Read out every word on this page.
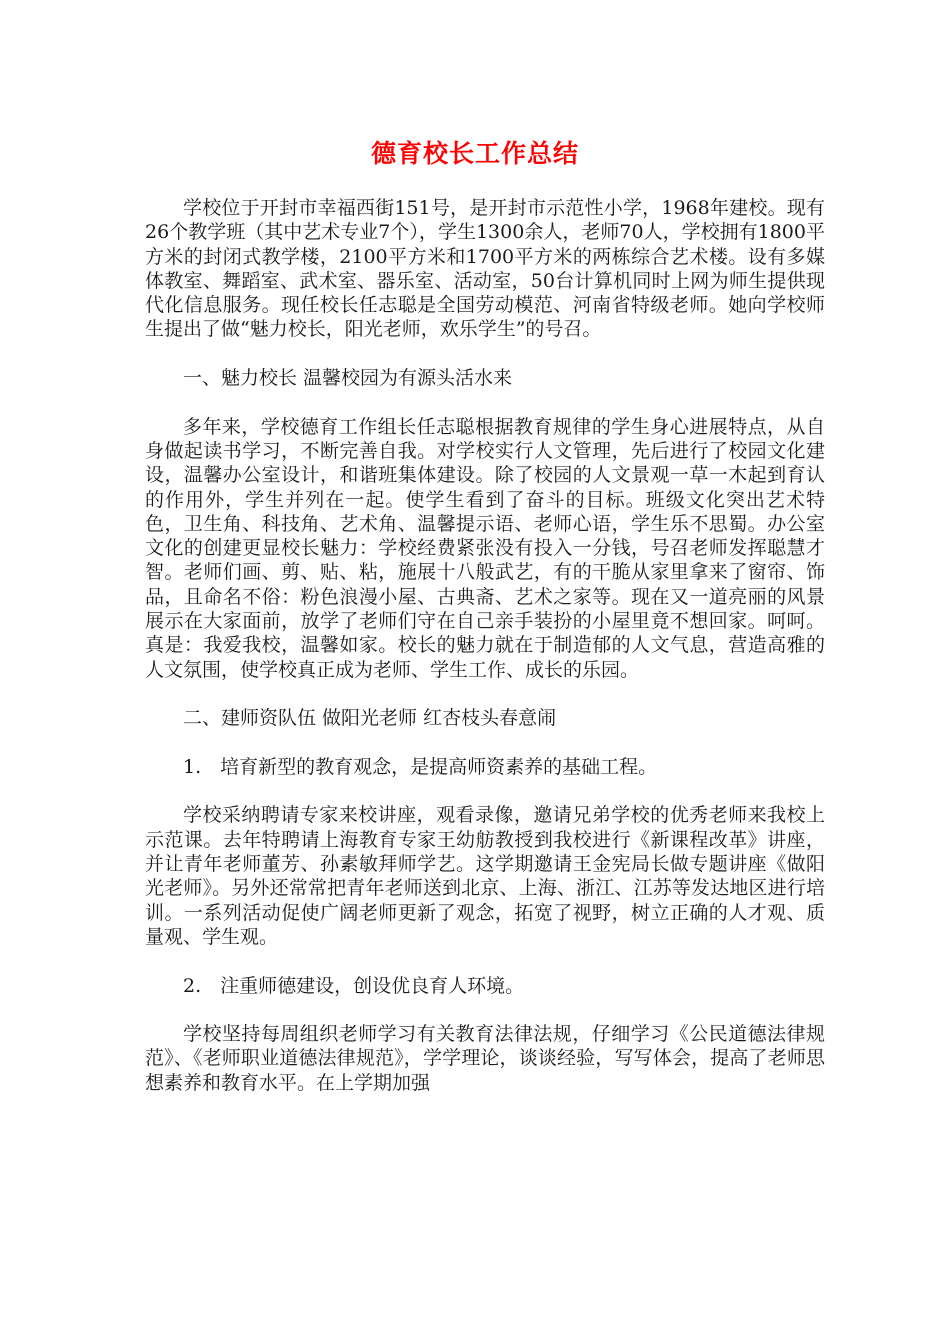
德育校长工作总结

学校位于开封市幸福西街151号，是开封市示范性小学，1968年建校。现有26个教学班（其中艺术专业7个），学生1300余人，老师70人，学校拥有1800平方米的封闭式教学楼，2100平方米和1700平方米的两栋综合艺术楼。设有多媒体教室、舞蹈室、武术室、器乐室、活动室，50台计算机同时上网为师生提供现代化信息服务。现任校长任志聪是全国劳动模范、河南省特级老师。她向学校师生提出了做“魅力校长，阳光老师，欢乐学生”的号召。

一、魅力校长 温馨校园为有源头活水来

多年来，学校德育工作组长任志聪根据教育规律的学生身心进展特点，从自身做起读书学习，不断完善自我。对学校实行人文管理，先后进行了校园文化建设，温馨办公室设计，和谐班集体建设。除了校园的人文景观一草一木起到育认的作用外，学生并列在一起。使学生看到了奋斗的目标。班级文化突出艺术特色，卫生角、科技角、艺术角、温馨提示语、老师心语，学生乐不思蜀。办公室文化的创建更显校长魅力：学校经费紧张没有投入一分钱，号召老师发挥聪慧才智。老师们画、剪、贴、粘，施展十八般武艺，有的干脆从家里拿来了窗帘、饰品，且命名不俗：粉色浪漫小屋、古典斋、艺术之家等。现在又一道亮丽的风景展示在大家面前，放学了老师们守在自己亲手装扮的小屋里竟不想回家。呵呵。真是：我爱我校，温馨如家。校长的魅力就在于制造郁的人文气息，营造高雅的人文氛围，使学校真正成为老师、学生工作、成长的乐园。

二、建师资队伍 做阳光老师 红杏枝头春意闹

1.　培育新型的教育观念，是提高师资素养的基础工程。

学校采纳聘请专家来校讲座，观看录像，邀请兄弟学校的优秀老师来我校上示范课。去年特聘请上海教育专家王幼舫教授到我校进行《新课程改革》讲座，并让青年老师董芳、孙素敏拜师学艺。这学期邀请王金宪局长做专题讲座《做阳光老师》。另外还常常把青年老师送到北京、上海、浙江、江苏等发达地区进行培训。一系列活动促使广阔老师更新了观念，拓宽了视野，树立正确的人才观、质量观、学生观。

2.　注重师德建设，创设优良育人环境。

学校坚持每周组织老师学习有关教育法律法规，仔细学习《公民道德法律规范》、《老师职业道德法律规范》，学学理论，谈谈经验，写写体会，提高了老师思想素养和教育水平。在上学期加强
